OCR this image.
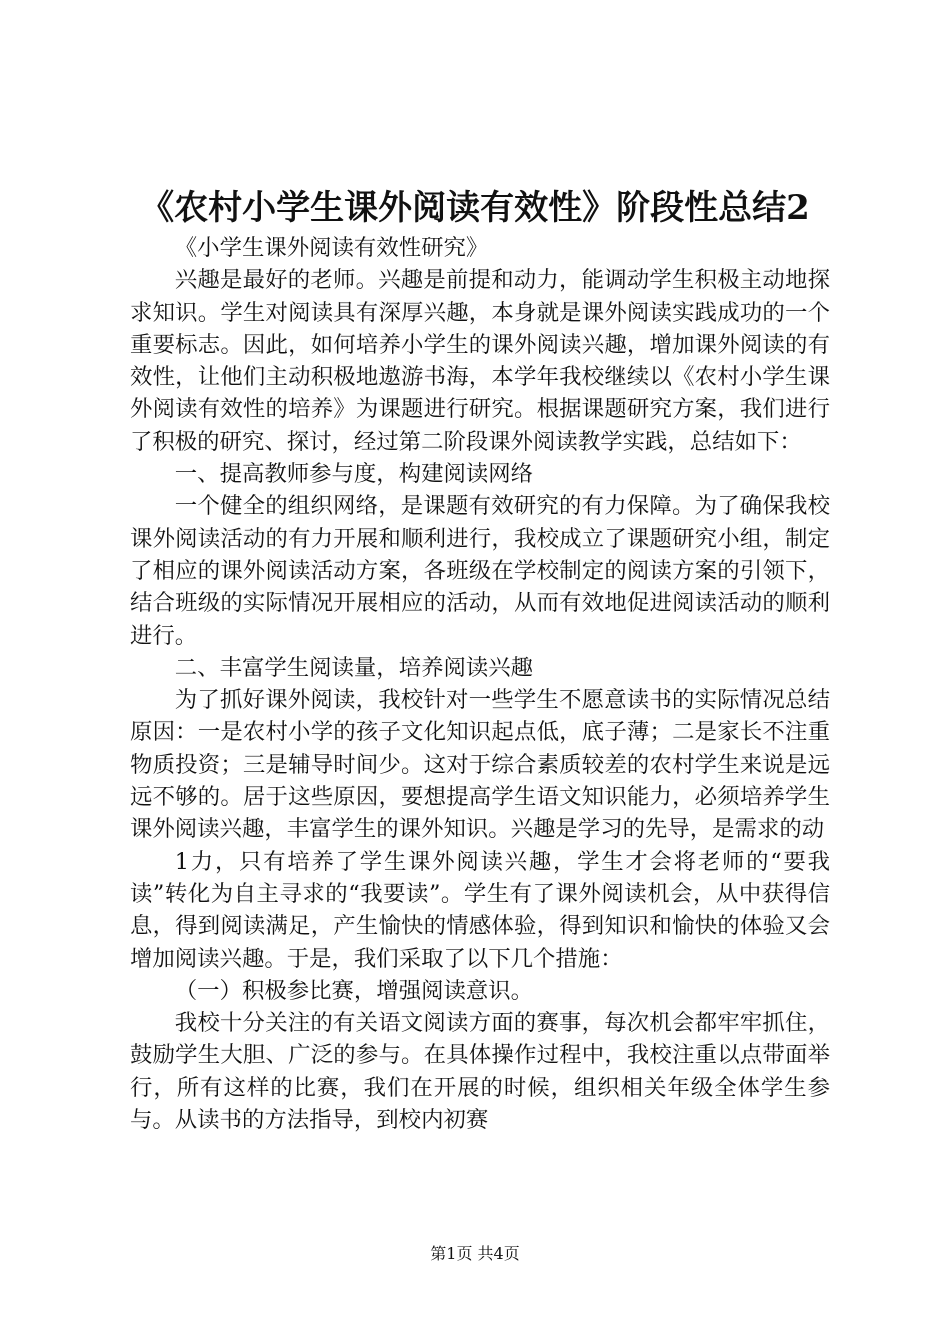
《农村小学生课外阅读有效性》阶段性总结2

《小学生课外阅读有效性研究》

兴趣是最好的老师。兴趣是前提和动力，能调动学生积极主动地探求知识。学生对阅读具有深厚兴趣，本身就是课外阅读实践成功的一个重要标志。因此，如何培养小学生的课外阅读兴趣，增加课外阅读的有效性，让他们主动积极地遨游书海，本学年我校继续以《农村小学生课外阅读有效性的培养》为课题进行研究。根据课题研究方案，我们进行了积极的研究、探讨，经过第二阶段课外阅读教学实践，总结如下：

一、提高教师参与度，构建阅读网络

一个健全的组织网络，是课题有效研究的有力保障。为了确保我校课外阅读活动的有力开展和顺利进行，我校成立了课题研究小组，制定了相应的课外阅读活动方案，各班级在学校制定的阅读方案的引领下，结合班级的实际情况开展相应的活动，从而有效地促进阅读活动的顺利进行。

二、丰富学生阅读量，培养阅读兴趣

为了抓好课外阅读，我校针对一些学生不愿意读书的实际情况总结原因：一是农村小学的孩子文化知识起点低，底子薄；二是家长不注重物质投资；三是辅导时间少。这对于综合素质较差的农村学生来说是远远不够的。居于这些原因，要想提高学生语文知识能力，必须培养学生课外阅读兴趣，丰富学生的课外知识。兴趣是学习的先导，是需求的动

1力，只有培养了学生课外阅读兴趣，学生才会将老师的“要我读”转化为自主寻求的“我要读”。学生有了课外阅读机会，从中获得信息，得到阅读满足，产生愉快的情感体验，得到知识和愉快的体验又会增加阅读兴趣。于是，我们采取了以下几个措施：

（一）积极参比赛，增强阅读意识。

我校十分关注的有关语文阅读方面的赛事，每次机会都牢牢抓住，鼓励学生大胆、广泛的参与。在具体操作过程中，我校注重以点带面举行，所有这样的比赛，我们在开展的时候，组织相关年级全体学生参与。从读书的方法指导，到校内初赛

第1页 共4页
